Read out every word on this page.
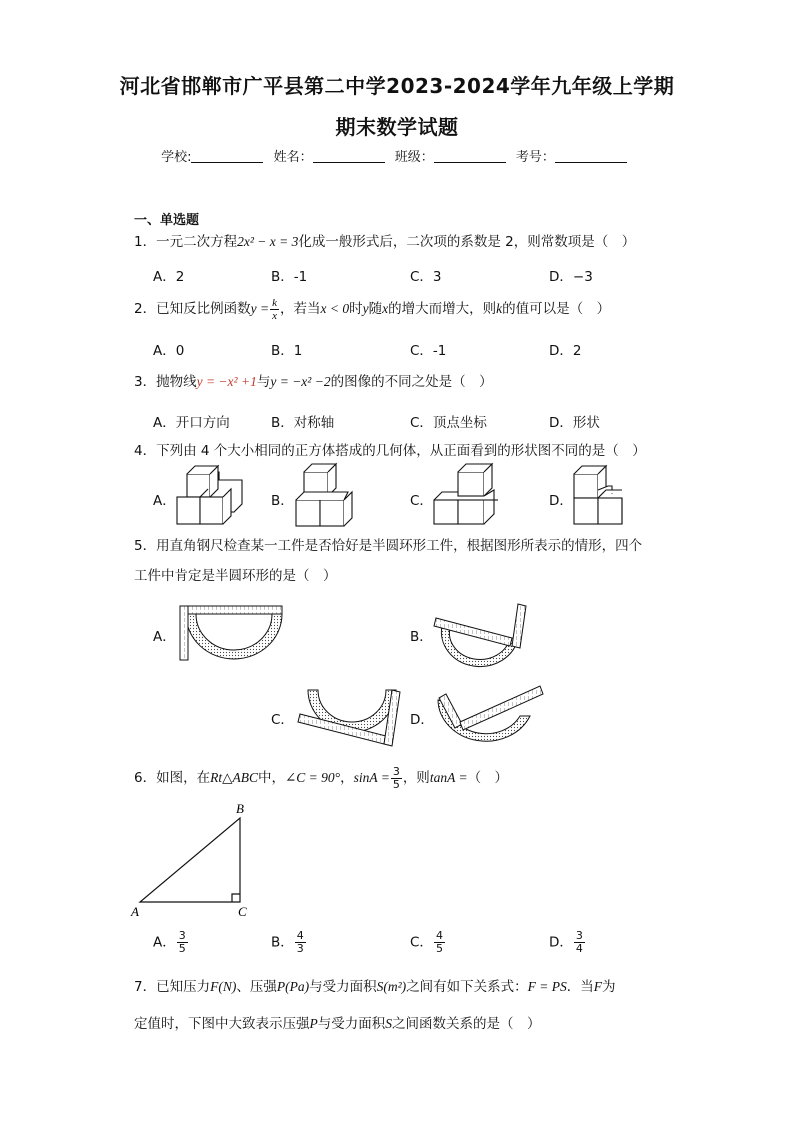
河北省邯郸市广平县第二中学2023-2024学年九年级上学期
期末数学试题
学校:	姓名：	班级：	考号：
一、单选题
1．一元二次方程2x² − x = 3化成一般形式后，二次项的系数是 2，则常数项是（　）
A．2	B．-1	C．3	D．−3
2．已知反比例函数$y = \frac{k}{x}$ ，若当x < 0时y随x的增大而增大，则k的值可以是（　）
A．0	B．1	C．-1	D．2
3．抛物线y = −x² +1与y = −x² −2的图像的不同之处是（　）
A．开口方向	B．对称轴	C．顶点坐标	D．形状
4．下列由 4 个大小相同的正方体搭成的几何体，从正面看到的形状图不同的是（　）
A．	B．	C．	D．
5．用直角钢尺检查某一工件是否恰好是半圆环形工件，根据图形所表示的情形，四个
工件中肯定是半圆环形的是（　）
A．	B．
C．	D．
6．如图，在Rt△ABC中，∠C = 90°，$\sin A = \frac{3}{5}$ ，则tanA =（　）
A
B
C
A． $\frac{3}{5}$	B． $\frac{4}{3}$	C． $\frac{4}{5}$	D． $\frac{3}{4}$
7．已知压力F(N)、压强P(Pa)与受力面积S(m²)之间有如下关系式：F = PS．当F为
定值时，下图中大致表示压强P与受力面积S之间函数关系的是（　）
